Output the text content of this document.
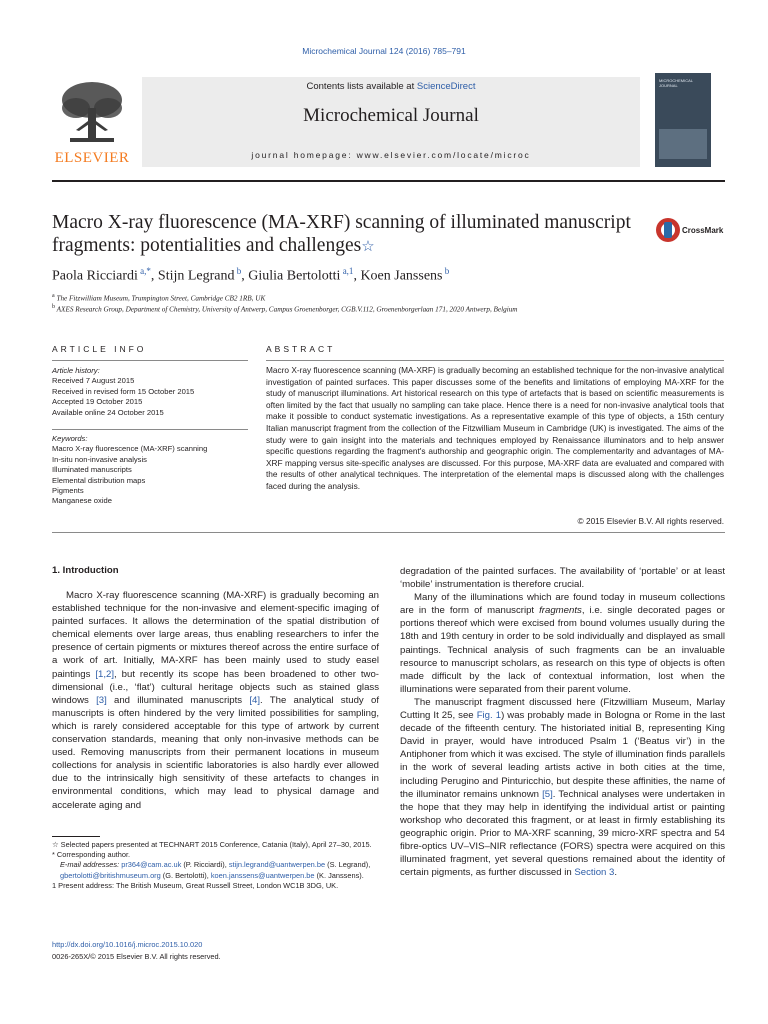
Microchemical Journal 124 (2016) 785–791
ELSEVIER
Contents lists available at ScienceDirect
Microchemical Journal
journal homepage: www.elsevier.com/locate/microc
MICROCHEMICAL
JOURNAL
Macro X-ray fluorescence (MA-XRF) scanning of illuminated manuscript fragments: potentialities and challenges☆
CrossMark
Paola Ricciardi $^{a,*}$, Stijn Legrand $^b$, Giulia Bertolotti $^{a,1}$, Koen Janssens $^b$
$^a$ The Fitzwilliam Museum, Trumpington Street, Cambridge CB2 1RB, UK
$^b$ AXES Research Group, Department of Chemistry, University of Antwerp, Campus Groenenborger, CGB.V.112, Groenenborgerlaan 171, 2020 Antwerp, Belgium
ARTICLE INFO	ABSTRACT
Article history:
Received 7 August 2015
Received in revised form 15 October 2015
Accepted 19 October 2015
Available online 24 October 2015
Keywords:
Macro X-ray fluorescence (MA-XRF) scanning
In-situ non-invasive analysis
Illuminated manuscripts
Elemental distribution maps
Pigments
Manganese oxide
Macro X-ray fluorescence scanning (MA-XRF) is gradually becoming an established technique for the non-invasive analytical investigation of painted surfaces. This paper discusses some of the benefits and limitations of employing MA-XRF for the study of manuscript illuminations. Art historical research on this type of artefacts that is based on scientific measurements is often limited by the fact that usually no sampling can take place. Hence there is a need for non-invasive analytical tools that make it possible to conduct systematic investigations. As a representative example of this type of objects, a 15th century Italian manuscript fragment from the collection of the Fitzwilliam Museum in Cambridge (UK) is investigated. The aims of the study were to gain insight into the materials and techniques employed by Renaissance illuminators and to help answer specific questions regarding the fragment's authorship and geographic origin. The complementarity and advantages of MA-XRF mapping versus site-specific analyses are discussed. For this purpose, MA-XRF data are evaluated and compared with the results of other analytical techniques. The interpretation of the elemental maps is discussed along with the challenges faced during the analysis.
© 2015 Elsevier B.V. All rights reserved.
1. Introduction

Macro X-ray fluorescence scanning (MA-XRF) is gradually becoming an established technique for the non-invasive and element-specific imaging of painted surfaces. It allows the determination of the spatial distribution of chemical elements over large areas, thus enabling researchers to infer the presence of certain pigments or mixtures thereof across the entire surface of a work of art. Initially, MA-XRF has been mainly used to study easel paintings [1,2], but recently its scope has been broadened to other two-dimensional (i.e., ‘flat’) cultural heritage objects such as stained glass windows [3] and illuminated manuscripts [4]. The analytical study of manuscripts is often hindered by the very limited possibilities for sampling, which is rarely considered acceptable for this type of artwork by current conservation standards, meaning that only non-invasive methods can be used. Removing manuscripts from their permanent locations in museum collections for analysis in scientific laboratories is also hardly ever allowed due to the intrinsically high sensitivity of these artefacts to changes in environmental conditions, which may lead to physical damage and accelerate aging and

degradation of the painted surfaces. The availability of ‘portable’ or at least ‘mobile’ instrumentation is therefore crucial.

Many of the illuminations which are found today in museum collections are in the form of manuscript fragments, i.e. single decorated pages or portions thereof which were excised from bound volumes usually during the 18th and 19th century in order to be sold individually and displayed as small paintings. Technical analysis of such fragments can be an invaluable resource to manuscript scholars, as research on this type of objects is often made difficult by the lack of contextual information, lost when the illuminations were separated from their parent volume.

The manuscript fragment discussed here (Fitzwilliam Museum, Marlay Cutting It 25, see Fig. 1) was probably made in Bologna or Rome in the last decade of the fifteenth century. The historiated initial B, representing King David in prayer, would have introduced Psalm 1 (‘Beatus vir’) in the Antiphoner from which it was excised. The style of illumination finds parallels in the work of several leading artists active in both cities at the time, including Perugino and Pinturicchio, but despite these affinities, the name of the illuminator remains unknown [5]. Technical analyses were undertaken in the hope that they may help in identifying the individual artist or painting workshop who decorated this fragment, or at least in firmly establishing its geographic origin. Prior to MA-XRF scanning, 39 micro-XRF spectra and 54 fibre-optics UV–VIS–NIR reflectance (FORS) spectra were acquired on this illuminated fragment, yet several questions remained about the identity of certain pigments, as further discussed in Section 3.

☆ Selected papers presented at TECHNART 2015 Conference, Catania (Italy), April 27–30, 2015.
* Corresponding author.
E-mail addresses: pr364@cam.ac.uk (P. Ricciardi), stijn.legrand@uantwerpen.be (S. Legrand), gbertolotti@britishmuseum.org (G. Bertolotti), koen.janssens@uantwerpen.be (K. Janssens).
1 Present address: The British Museum, Great Russell Street, London WC1B 3DG, UK.
http://dx.doi.org/10.1016/j.microc.2015.10.020
0026-265X/© 2015 Elsevier B.V. All rights reserved.
